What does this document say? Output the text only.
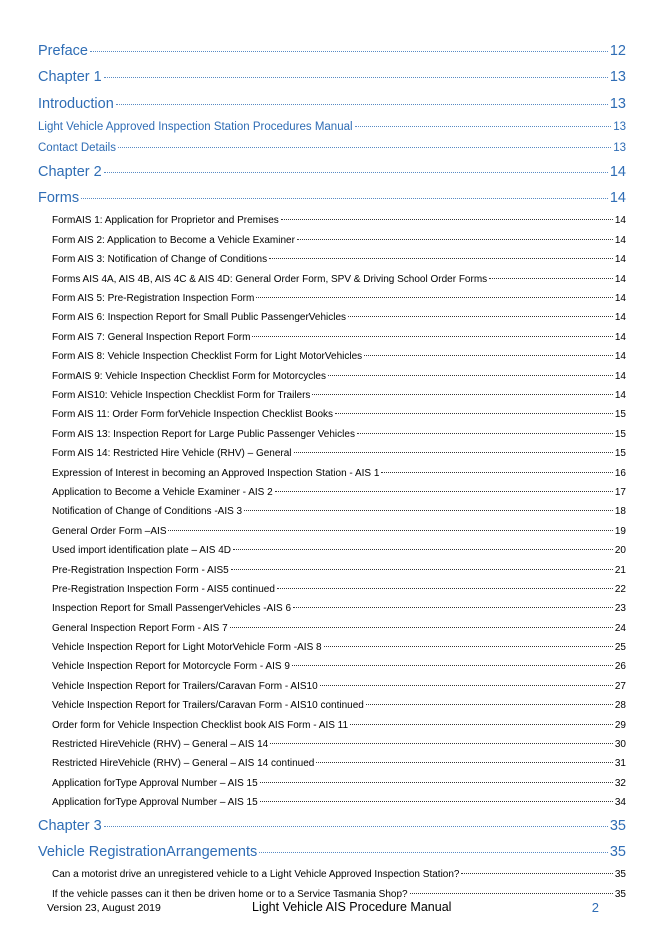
Preface	12
Chapter 1	13
Introduction	13
Light Vehicle Approved Inspection Station Procedures Manual	13
Contact Details	13
Chapter 2	14
Forms	14
FormAIS 1: Application for Proprietor and Premises	14
Form AIS 2: Application to Become a Vehicle Examiner	14
Form AIS 3: Notification of Change of Conditions	14
Forms AIS 4A, AIS 4B, AIS 4C & AIS 4D: General Order Form, SPV & Driving School Order Forms	14
Form AIS 5: Pre-Registration Inspection Form	14
Form AIS 6: Inspection Report for Small Public PassengerVehicles	14
Form AIS 7: General Inspection Report Form	14
Form AIS 8: Vehicle Inspection Checklist Form for Light MotorVehicles	14
FormAIS 9: Vehicle Inspection Checklist Form for Motorcycles	14
Form AIS10: Vehicle Inspection Checklist Form for Trailers	14
Form AIS 11: Order Form forVehicle Inspection Checklist Books	15
Form AIS 13: Inspection Report for Large Public Passenger Vehicles	15
Form AIS 14: Restricted Hire Vehicle (RHV) – General	15
Expression of Interest in becoming an Approved Inspection Station - AIS 1	16
Application to Become a Vehicle Examiner - AIS 2	17
Notification of Change of Conditions -AIS 3	18
General Order Form –AIS	19
Used import identification plate – AIS 4D	20
Pre-Registration Inspection Form - AIS5	21
Pre-Registration Inspection Form - AIS5 continued	22
Inspection Report for Small PassengerVehicles -AIS 6	23
General Inspection Report Form - AIS 7	24
Vehicle Inspection Report for Light MotorVehicle Form -AIS 8	25
Vehicle Inspection Report for Motorcycle Form - AIS 9	26
Vehicle Inspection Report for Trailers/Caravan Form - AIS10	27
Vehicle Inspection Report for Trailers/Caravan Form - AIS10 continued	28
Order form for Vehicle Inspection Checklist book AIS Form - AIS 11	29
Restricted HireVehicle (RHV) – General – AIS 14	30
Restricted HireVehicle (RHV) – General – AIS 14 continued	31
Application forType Approval Number – AIS 15	32
Application forType Approval Number – AIS 15	34
Chapter 3	35
Vehicle RegistrationArrangements	35
Can a motorist drive an unregistered vehicle to a Light Vehicle Approved Inspection Station?	35
If the vehicle passes can it then be driven home or to a Service Tasmania Shop?	35
Version 23, August 2019	Light Vehicle AIS Procedure Manual	2
